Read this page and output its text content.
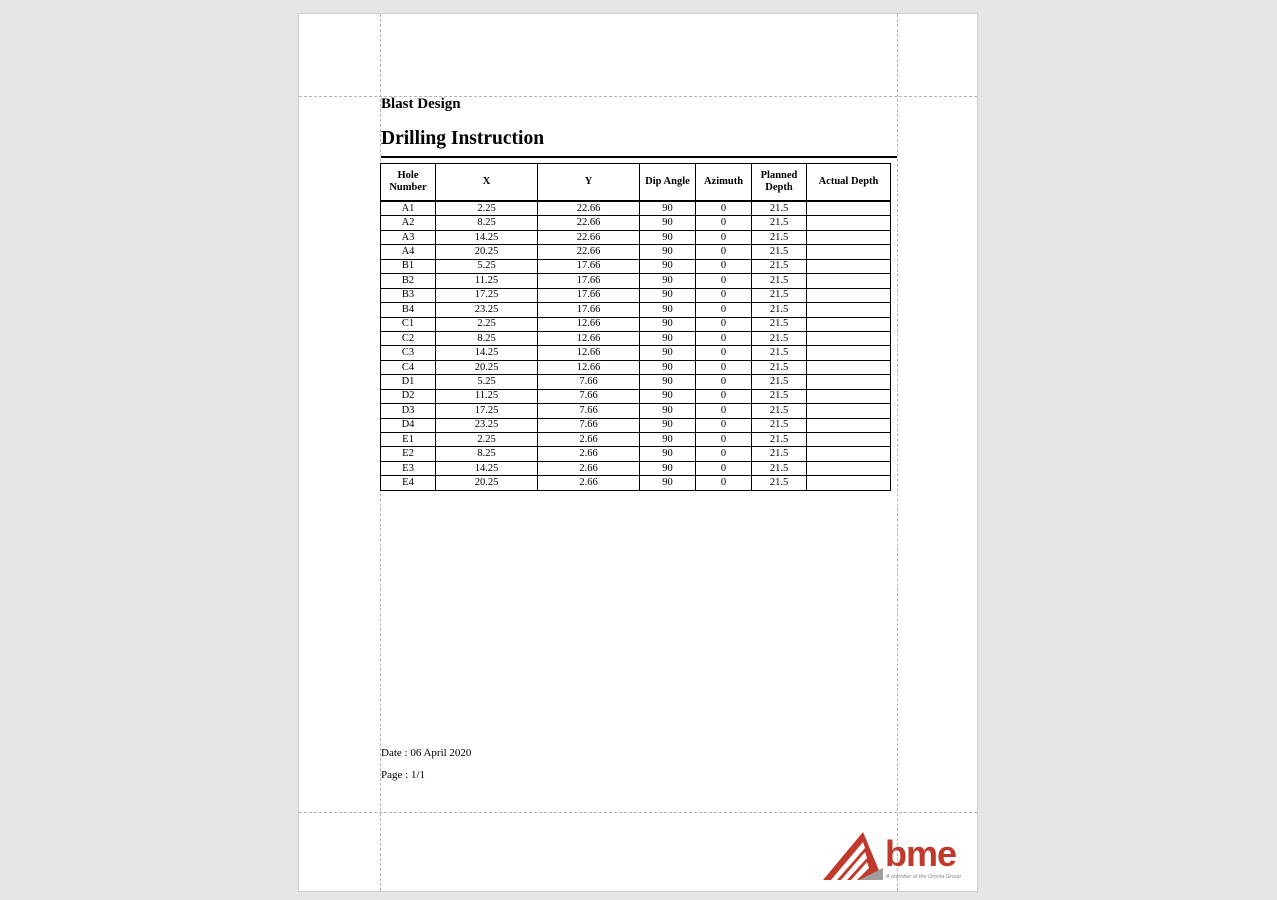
Blast Design
Drilling Instruction
Hole Number	X	Y	Dip Angle	Azimuth	Planned Depth	Actual Depth
A1	2.25	22.66	90	0	21.5	
A2	8.25	22.66	90	0	21.5	
A3	14.25	22.66	90	0	21.5	
A4	20.25	22.66	90	0	21.5	
B1	5.25	17.66	90	0	21.5	
B2	11.25	17.66	90	0	21.5	
B3	17.25	17.66	90	0	21.5	
B4	23.25	17.66	90	0	21.5	
C1	2.25	12.66	90	0	21.5	
C2	8.25	12.66	90	0	21.5	
C3	14.25	12.66	90	0	21.5	
C4	20.25	12.66	90	0	21.5	
D1	5.25	7.66	90	0	21.5	
D2	11.25	7.66	90	0	21.5	
D3	17.25	7.66	90	0	21.5	
D4	23.25	7.66	90	0	21.5	
E1	2.25	2.66	90	0	21.5	
E2	8.25	2.66	90	0	21.5	
E3	14.25	2.66	90	0	21.5	
E4	20.25	2.66	90	0	21.5	
Date : 06 April 2020
Page : 1/1
bme
A member of the Omnia Group
